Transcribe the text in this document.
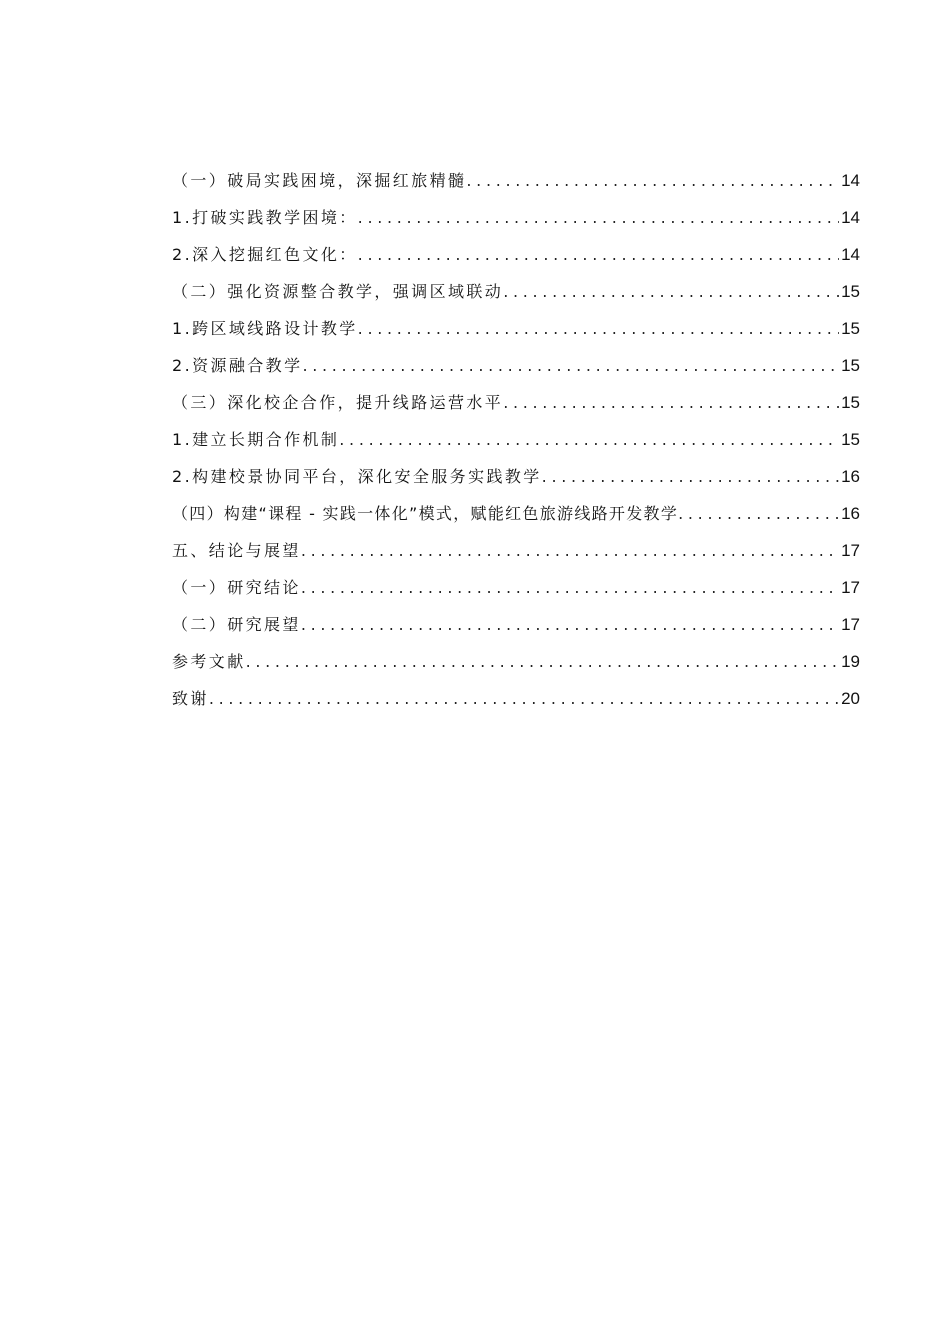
（一）破局实践困境，深掘红旅精髓 . . .	14
1.打破实践教学困境： . . .	14
2.深入挖掘红色文化： . . .	14
（二）强化资源整合教学，强调区域联动 . . .	15
1.跨区域线路设计教学 . . .	15
2.资源融合教学 . . .	15
（三）深化校企合作，提升线路运营水平 . . .	15
1.建立长期合作机制 . . .	15
2.构建校景协同平台，深化安全服务实践教学 . . .	16
（四）构建“课程 - 实践一体化”模式，赋能红色旅游线路开发教学 . . .	16
五、结论与展望 . . .	17
（一）研究结论 . . .	17
（二）研究展望 . . .	17
参考文献 . . .	19
致谢 . . .	20
